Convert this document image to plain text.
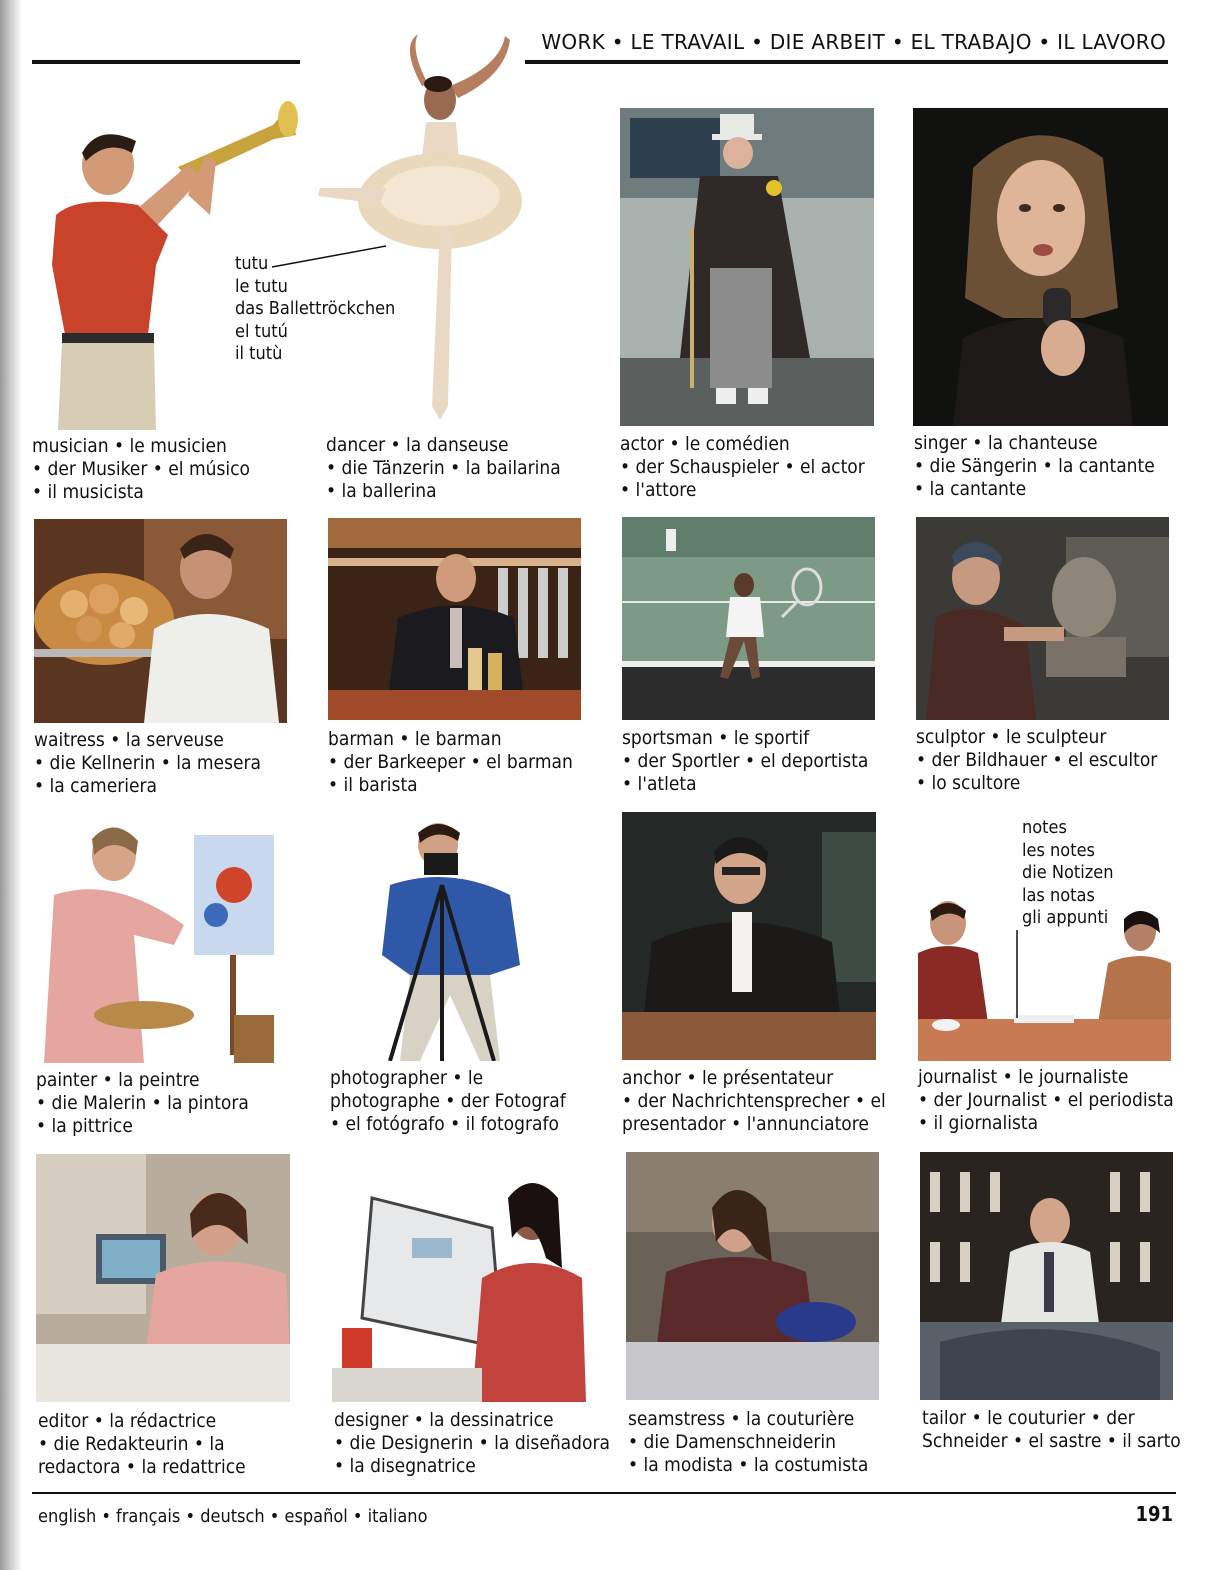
WORK • LE TRAVAIL • DIE ARBEIT • EL TRABAJO • IL LAVORO
tutu
le tutu
das Ballettröckchen
el tutú
il tutù
musician • le musicien
• der Musiker • el músico
• il musicista
dancer • la danseuse
• die Tänzerin • la bailarina
• la ballerina
actor • le comédien
• der Schauspieler • el actor
• l'attore
singer • la chanteuse
• die Sängerin • la cantante
• la cantante
waitress • la serveuse
• die Kellnerin • la mesera
• la cameriera
barman • le barman
• der Barkeeper • el barman
• il barista
sportsman • le sportif
• der Sportler • el deportista
• l'atleta
sculptor • le sculpteur
• der Bildhauer • el escultor
• lo scultore
notes
les notes
die Notizen
las notas
gli appunti
painter • la peintre
• die Malerin • la pintora
• la pittrice
photographer • le
photographe • der Fotograf
• el fotógrafo • il fotografo
anchor • le présentateur
• der Nachrichtensprecher • el
presentador • l'annunciatore
journalist • le journaliste
• der Journalist • el periodista
• il giornalista
editor • la rédactrice
• die Redakteurin • la
redactora • la redattrice
designer • la dessinatrice
• die Designerin • la diseñadora
• la disegnatrice
seamstress • la couturière
• die Damenschneiderin
• la modista • la costumista
tailor • le couturier • der
Schneider • el sastre • il sarto
english • français • deutsch • español • italiano	191
